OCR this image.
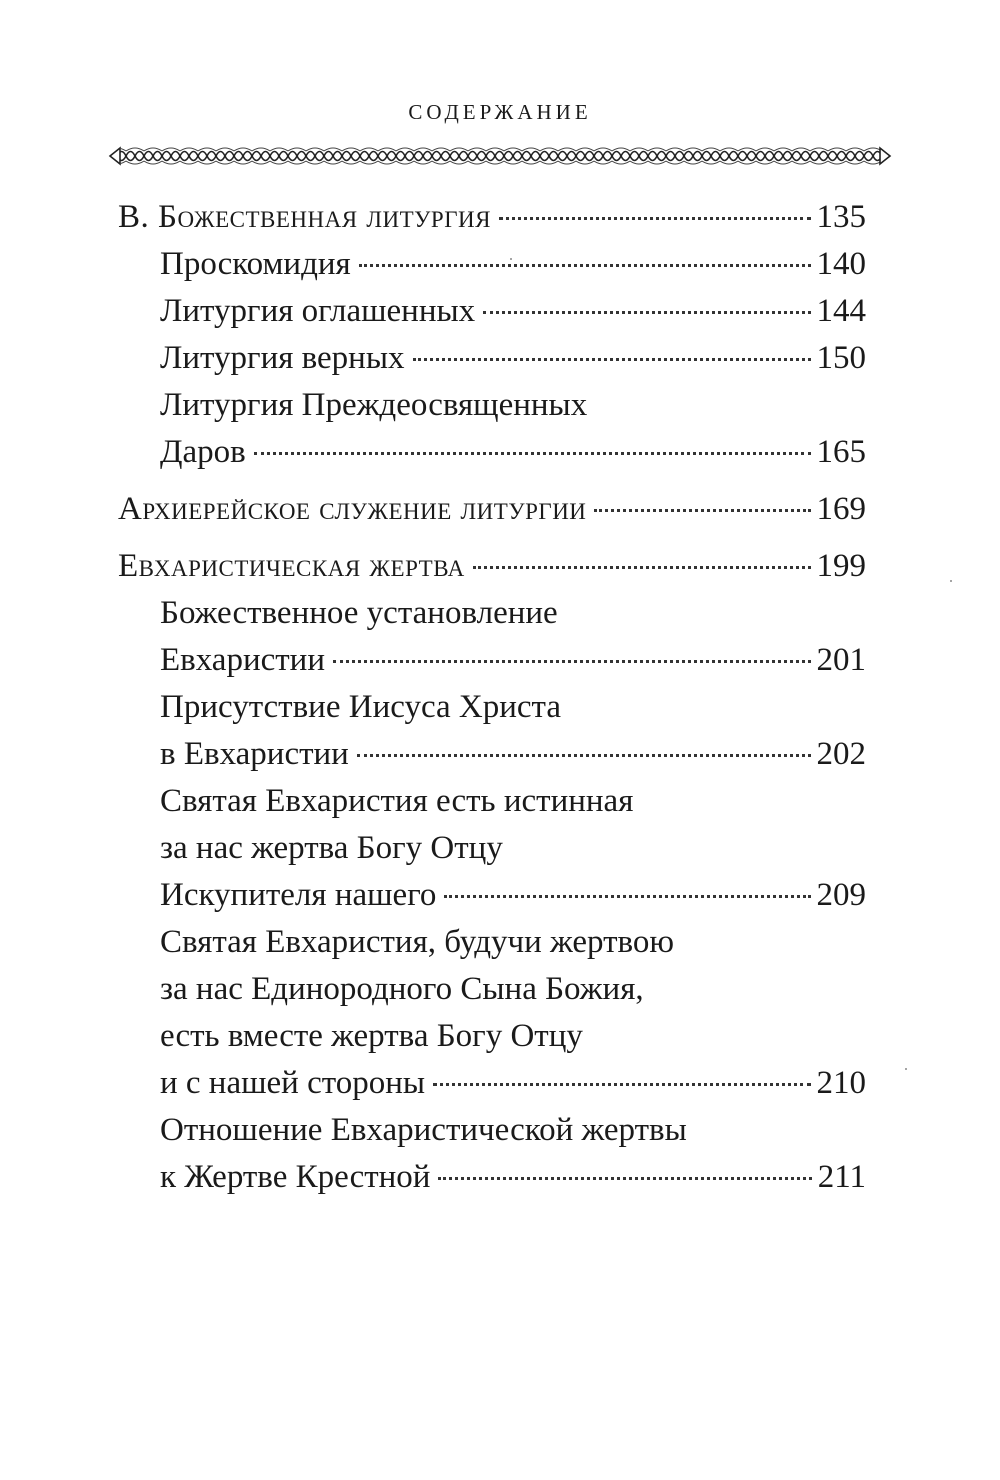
СОДЕРЖАНИЕ
В. Божественная литургия	135
Проскомидия	140
Литургия оглашенных	144
Литургия верных	150
Литургия Преждеосвященных
Даров	165
Архиерейское служение литургии	169
Евхаристическая жертва	199
Божественное установление
Евхаристии	201
Присутствие Иисуса Христа
в Евхаристии	202
Святая Евхаристия есть истинная
за нас жертва Богу Отцу
Искупителя нашего	209
Святая Евхаристия, будучи жертвою
за нас Единородного Сына Божия,
есть вместе жертва Богу Отцу
и с нашей стороны	210
Отношение Евхаристической жертвы
к Жертве Крестной	211
